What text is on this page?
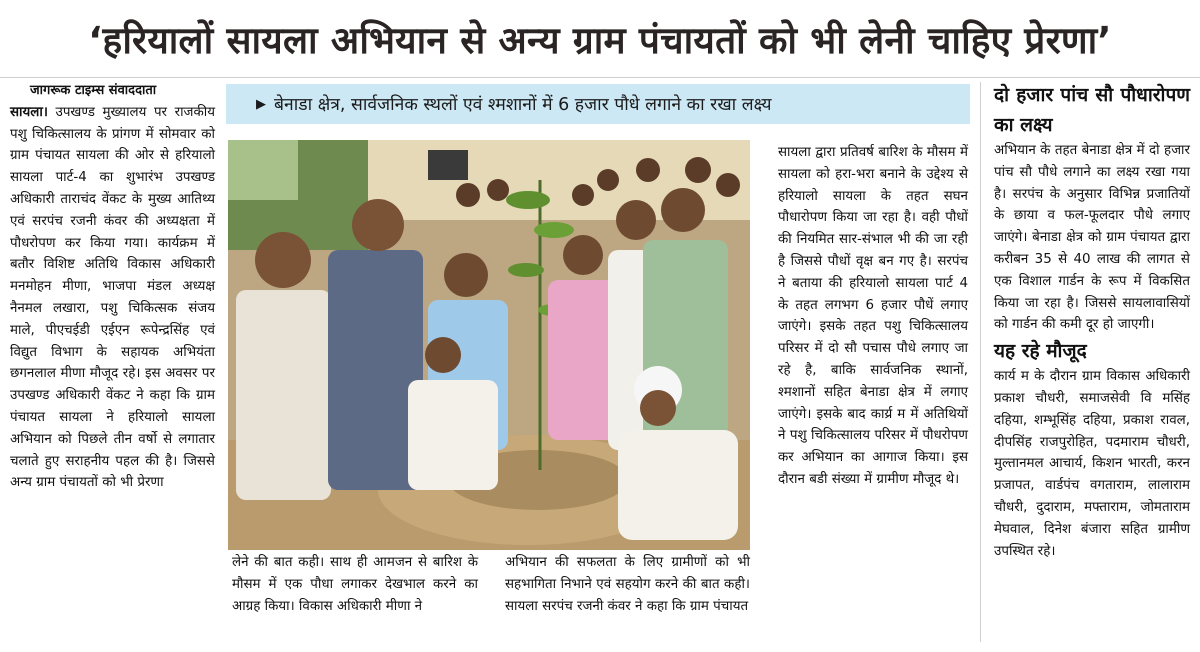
‘हरियालों सायला अभियान से अन्य ग्राम पंचायतों को भी लेनी चाहिए प्रेरणा’

जागरूक टाइम्स संवाददाता

सायला। उपखण्ड मुख्यालय पर राजकीय पशु चिकित्सालय के प्रांगण में सोमवार को ग्राम पंचायत सायला की ओर से हरियालो सायला पार्ट-4 का शुभारंभ उपखण्ड अधिकारी ताराचंद वेंकट के मुख्य आतिथ्य एवं सरपंच रजनी कंवर की अध्यक्षता में पौधरोपण कर किया गया। कार्यक्रम में बतौर विशिष्ट अतिथि विकास अधिकारी मनमोहन मीणा, भाजपा मंडल अध्यक्ष नैनमल लखारा, पशु चिकित्सक संजय माले, पीएचईडी एईएन रूपेन्द्रसिंह एवं विद्युत विभाग के सहायक अभियंता छगनलाल मीणा मौजूद रहे। इस अवसर पर उपखण्ड अधिकारी वेंकट ने कहा कि ग्राम पंचायत सायला ने हरियालो सायला अभियान को पिछले तीन वर्षो से लगातार चलाते हुए सराहनीय पहल की है। जिससे अन्य ग्राम पंचायतों को भी प्रेरणा

▶ बेनाडा क्षेत्र, सार्वजनिक स्थलों एवं श्मशानों में 6 हजार पौधे लगाने का रखा लक्ष्य
सायला द्वारा प्रतिवर्ष बारिश के मौसम में सायला को हरा-भरा बनाने के उद्देश्य से हरियालो सायला के तहत सघन पौधारोपण किया जा रहा है। वही पौधों की नियमित सार-संभाल भी की जा रही है जिससे पौधों वृक्ष बन गए है। सरपंच ने बताया की हरियालो सायला पार्ट 4 के तहत लगभग 6 हजार पौधें लगाए जाएंगे। इसके तहत पशु चिकित्सालय परिसर में दो सौ पचास पौधे लगाए जा रहे है, बाकि सार्वजनिक स्थानों, श्मशानों सहित बेनाडा क्षेत्र में लगाए जाएंगे। इसके बाद कार्य्र म में अतिथियों ने पशु चिकित्सालय परिसर में पौधरोपण कर अभियान का आगाज किया। इस दौरान बडी संख्या में ग्रामीण मौजूद थे।
लेने की बात कही। साथ ही आमजन से बारिश के मौसम में एक पौधा लगाकर देखभाल करने का आग्रह किया। विकास अधिकारी मीणा ने
अभियान की सफलता के लिए ग्रामीणों को भी सहभागिता निभाने एवं सहयोग करने की बात कही। सायला सरपंच रजनी कंवर ने कहा कि ग्राम पंचायत

दो हजार पांच सौ पौधारोपण का लक्ष्य

अभियान के तहत बेनाडा क्षेत्र में दो हजार पांच सौ पौधे लगाने का लक्ष्य रखा गया है। सरपंच के अनुसार विभिन्न प्रजातियों के छाया व फल-फूलदार पौधे लगाए जाएंगे। बेनाडा क्षेत्र को ग्राम पंचायत द्वारा करीबन 35 से 40 लाख की लागत से एक विशाल गार्डन के रूप में विकसित किया जा रहा है। जिससे सायलावासियों को गार्डन की कमी दूर हो जाएगी।

यह रहे मौजूद

कार्य म के दौरान ग्राम विकास अधिकारी प्रकाश चौधरी, समाजसेवी वि मसिंह दहिया, शम्भूसिंह दहिया, प्रकाश रावल, दीपसिंह राजपुरोहित, पदमाराम चौधरी, मुल्तानमल आचार्य, किशन भारती, करन प्रजापत, वार्डपंच वगताराम, लालाराम चौधरी, दुदाराम, मफ्ताराम, जोमताराम मेघवाल, दिनेश बंजारा सहित ग्रामीण उपस्थित रहे।
